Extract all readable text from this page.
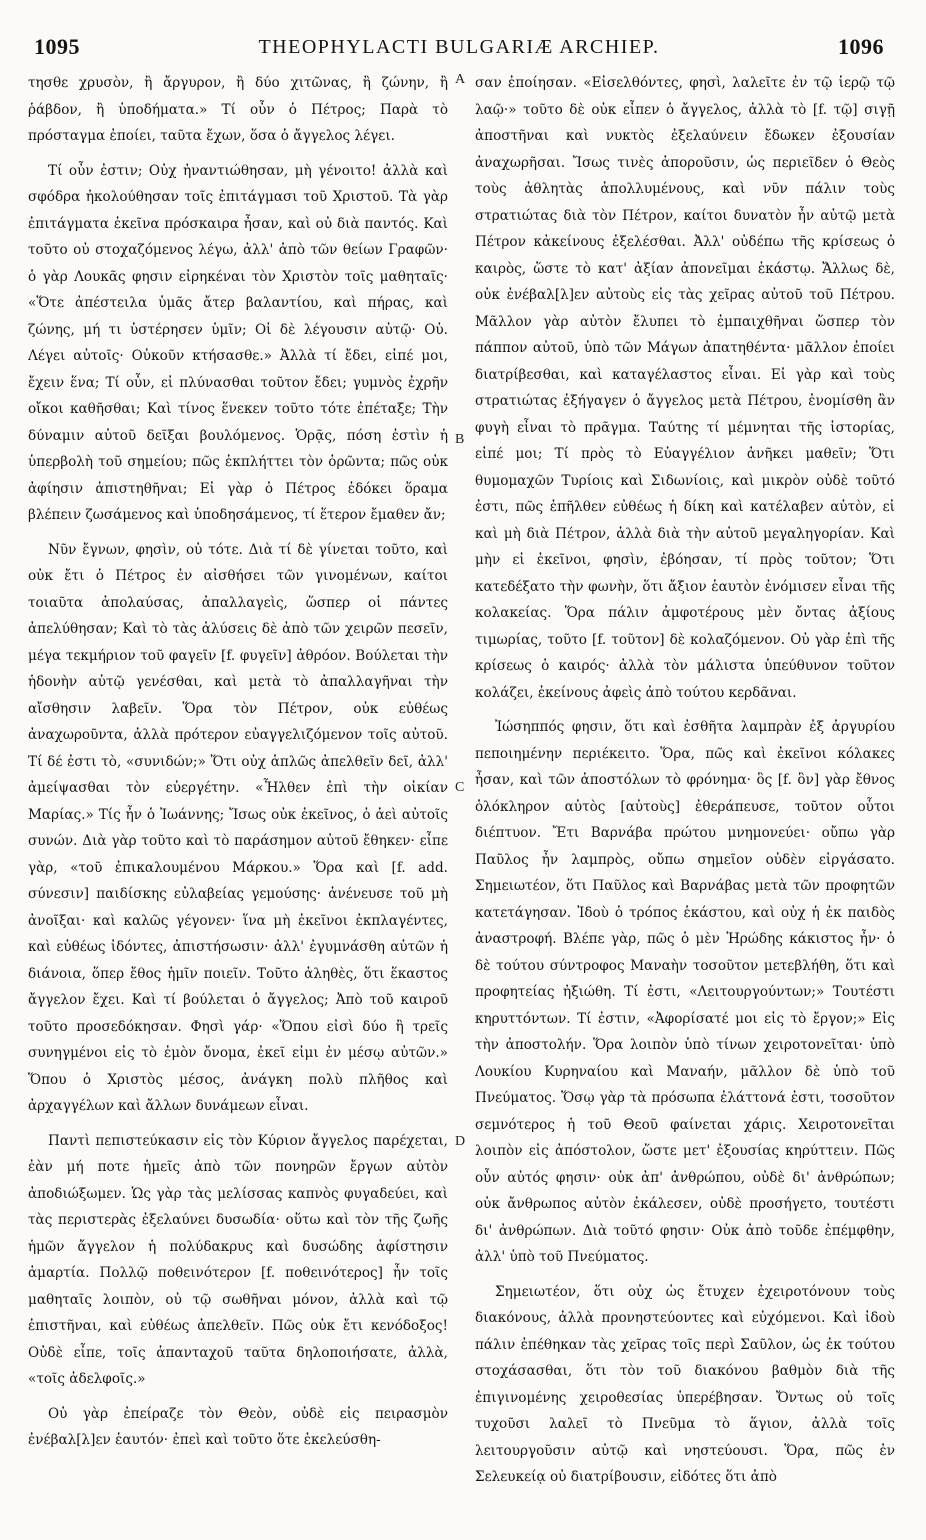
1095	THEOPHYLACTI BULGARIÆ ARCHIEP.	1096

τησθε χρυσὸν, ἢ ἄργυρον, ἢ δύο χιτῶνας, ἢ ζώνην, ἢ ῥάβδον, ἢ ὑποδήματα.» Τί οὖν ὁ Πέτρος; Παρὰ τὸ πρόσταγμα ἐποίει, ταῦτα ἔχων, ὅσα ὁ ἄγγελος λέγει.

Τί οὖν ἐστιν; Οὐχ ἠναντιώθησαν, μὴ γένοιτο! ἀλλὰ καὶ σφόδρα ἠκολούθησαν τοῖς ἐπιτάγμασι τοῦ Χριστοῦ. Τὰ γὰρ ἐπιτάγματα ἐκεῖνα πρόσκαιρα ἦσαν, καὶ οὐ διὰ παντός. Καὶ τοῦτο οὐ στοχαζόμενος λέγω, ἀλλ' ἀπὸ τῶν θείων Γραφῶν· ὁ γὰρ Λουκᾶς φησιν εἰρηκέναι τὸν Χριστὸν τοῖς μαθηταῖς· «Ὅτε ἀπέστειλα ὑμᾶς ἄτερ βαλαντίου, καὶ πήρας, καὶ ζώνης, μή τι ὑστέρησεν ὑμῖν; Οἱ δὲ λέγουσιν αὐτῷ· Οὐ. Λέγει αὐτοῖς· Οὐκοῦν κτήσασθε.» Ἀλλὰ τί ἔδει, εἰπέ μοι, ἔχειν ἕνα; Τί οὖν, εἰ πλύνασθαι τοῦτον ἔδει; γυμνὸς ἐχρῆν οἴκοι καθῆσθαι; Καὶ τίνος ἕνεκεν τοῦτο τότε ἐπέταξε; Τὴν δύναμιν αὐτοῦ δεῖξαι βουλόμενος. Ὁρᾷς, πόση ἐστὶν ἡ ὑπερβολὴ τοῦ σημείου; πῶς ἐκπλήττει τὸν ὁρῶντα; πῶς οὐκ ἀφίησιν ἀπιστηθῆναι; Εἰ γὰρ ὁ Πέτρος ἐδόκει ὅραμα βλέπειν ζωσάμενος καὶ ὑποδησάμενος, τί ἕτερον ἔμαθεν ἄν;

Νῦν ἔγνων, φησὶν, οὐ τότε. Διὰ τί δὲ γίνεται τοῦτο, καὶ οὐκ ἔτι ὁ Πέτρος ἐν αἰσθήσει τῶν γινομένων, καίτοι τοιαῦτα ἀπολαύσας, ἀπαλλαγεὶς, ὥσπερ οἱ πάντες ἀπελύθησαν; Καὶ τὸ τὰς ἁλύσεις δὲ ἀπὸ τῶν χειρῶν πεσεῖν, μέγα τεκμήριον τοῦ φαγεῖν [f. φυγεῖν] ἀθρόον. Βούλεται τὴν ἡδονὴν αὐτῷ γενέσθαι, καὶ μετὰ τὸ ἀπαλλαγῆναι τὴν αἴσθησιν λαβεῖν. Ὅρα τὸν Πέτρον, οὐκ εὐθέως ἀναχωροῦντα, ἀλλὰ πρότερον εὐαγγελιζόμενον τοῖς αὐτοῦ. Τί δέ ἐστι τὸ, «συνιδών;» Ὅτι οὐχ ἁπλῶς ἀπελθεῖν δεῖ, ἀλλ' ἀμείψασθαι τὸν εὐεργέτην. «Ἦλθεν ἐπὶ τὴν οἰκίαν Μαρίας.» Τίς ἦν ὁ Ἰωάννης; Ἴσως οὐκ ἐκεῖνος, ὁ ἀεὶ αὐτοῖς συνών. Διὰ γὰρ τοῦτο καὶ τὸ παράσημον αὐτοῦ ἔθηκεν· εἶπε γὰρ, «τοῦ ἐπικαλουμένου Μάρκου.» Ὅρα καὶ [f. add. σύνεσιν] παιδίσκης εὐλαβείας γεμούσης· ἀνένευσε τοῦ μὴ ἀνοῖξαι· καὶ καλῶς γέγονεν· ἵνα μὴ ἐκεῖνοι ἐκπλαγέντες, καὶ εὐθέως ἰδόντες, ἀπιστήσωσιν· ἀλλ' ἐγυμνάσθη αὐτῶν ἡ διάνοια, ὅπερ ἔθος ἡμῖν ποιεῖν. Τοῦτο ἀληθὲς, ὅτι ἕκαστος ἄγγελον ἔχει. Καὶ τί βούλεται ὁ ἄγγελος; Ἀπὸ τοῦ καιροῦ τοῦτο προσεδόκησαν. Φησὶ γάρ· «Ὅπου εἰσὶ δύο ἢ τρεῖς συνηγμένοι εἰς τὸ ἐμὸν ὄνομα, ἐκεῖ εἰμι ἐν μέσῳ αὐτῶν.» Ὅπου ὁ Χριστὸς μέσος, ἀνάγκη πολὺ πλῆθος καὶ ἀρχαγγέλων καὶ ἄλλων δυνάμεων εἶναι.

Παντὶ πεπιστεύκασιν εἰς τὸν Κύριον ἄγγελος παρέχεται, ἐὰν μή ποτε ἡμεῖς ἀπὸ τῶν πονηρῶν ἔργων αὐτὸν ἀποδιώξωμεν. Ὡς γὰρ τὰς μελίσσας καπνὸς φυγαδεύει, καὶ τὰς περιστερὰς ἐξελαύνει δυσωδία· οὕτω καὶ τὸν τῆς ζωῆς ἡμῶν ἄγγελον ἡ πολύδακρυς καὶ δυσώδης ἀφίστησιν ἁμαρτία. Πολλῷ ποθεινότερον [f. ποθεινότερος] ἦν τοῖς μαθηταῖς λοιπὸν, οὐ τῷ σωθῆναι μόνον, ἀλλὰ καὶ τῷ ἐπιστῆναι, καὶ εὐθέως ἀπελθεῖν. Πῶς οὐκ ἔτι κενόδοξος! Οὐδὲ εἶπε, τοῖς ἁπανταχοῦ ταῦτα δηλοποιήσατε, ἀλλὰ, «τοῖς ἀδελφοῖς.»

Οὐ γὰρ ἐπείραζε τὸν Θεὸν, οὐδὲ εἰς πειρασμὸν ἐνέβαλ[λ]εν ἑαυτόν· ἐπεὶ καὶ τοῦτο ὅτε ἐκελεύσθη-

A
B
C
D

σαν ἐποίησαν. «Εἰσελθόντες, φησὶ, λαλεῖτε ἐν τῷ ἱερῷ τῷ λαῷ·» τοῦτο δὲ οὐκ εἶπεν ὁ ἄγγελος, ἀλλὰ τὸ [f. τῷ] σιγῇ ἀποστῆναι καὶ νυκτὸς ἐξελαύνειν ἔδωκεν ἐξουσίαν ἀναχωρῆσαι. Ἴσως τινὲς ἀποροῦσιν, ὡς περιεῖδεν ὁ Θεὸς τοὺς ἀθλητὰς ἀπολλυμένους, καὶ νῦν πάλιν τοὺς στρατιώτας διὰ τὸν Πέτρον, καίτοι δυνατὸν ἦν αὐτῷ μετὰ Πέτρον κἀκείνους ἐξελέσθαι. Ἀλλ' οὐδέπω τῆς κρίσεως ὁ καιρὸς, ὥστε τὸ κατ' ἀξίαν ἀπονεῖμαι ἑκάστῳ. Ἄλλως δὲ, οὐκ ἐνέβαλ[λ]εν αὐτοὺς εἰς τὰς χεῖρας αὐτοῦ τοῦ Πέτρου. Μᾶλλον γὰρ αὐτὸν ἔλυπει τὸ ἐμπαιχθῆναι ὥσπερ τὸν πάππον αὐτοῦ, ὑπὸ τῶν Μάγων ἀπατηθέντα· μᾶλλον ἐποίει διατρίβεσθαι, καὶ καταγέλαστος εἶναι. Εἰ γὰρ καὶ τοὺς στρατιώτας ἐξήγαγεν ὁ ἄγγελος μετὰ Πέτρου, ἐνομίσθη ἂν φυγὴ εἶναι τὸ πρᾶγμα. Ταύτης τί μέμνηται τῆς ἱστορίας, εἰπέ μοι; Τί πρὸς τὸ Εὐαγγέλιον ἀνῆκει μαθεῖν; Ὅτι θυμομαχῶν Τυρίοις καὶ Σιδωνίοις, καὶ μικρὸν οὐδὲ τοῦτό ἐστι, πῶς ἐπῆλθεν εὐθέως ἡ δίκη καὶ κατέλαβεν αὐτὸν, εἰ καὶ μὴ διὰ Πέτρον, ἀλλὰ διὰ τὴν αὐτοῦ μεγαληγορίαν. Καὶ μὴν εἰ ἐκεῖνοι, φησὶν, ἐβόησαν, τί πρὸς τοῦτον; Ὅτι κατεδέξατο τὴν φωνὴν, ὅτι ἄξιον ἑαυτὸν ἐνόμισεν εἶναι τῆς κολακείας. Ὅρα πάλιν ἀμφοτέρους μὲν ὄντας ἀξίους τιμωρίας, τοῦτο [f. τοῦτον] δὲ κολαζόμενον. Οὐ γὰρ ἐπὶ τῆς κρίσεως ὁ καιρός· ἀλλὰ τὸν μάλιστα ὑπεύθυνον τοῦτον κολάζει, ἐκείνους ἀφεὶς ἀπὸ τούτου κερδᾶναι.

Ἰώσηππός φησιν, ὅτι καὶ ἐσθῆτα λαμπρὰν ἐξ ἀργυρίου πεποιημένην περιέκειτο. Ὅρα, πῶς καὶ ἐκεῖνοι κόλακες ἦσαν, καὶ τῶν ἀποστόλων τὸ φρόνημα· ὃς [f. ὃν] γὰρ ἔθνος ὁλόκληρον αὐτὸς [αὐτοὺς] ἐθεράπευσε, τοῦτον οὗτοι διέπτυον. Ἔτι Βαρνάβα πρώτου μνημονεύει· οὔπω γὰρ Παῦλος ἦν λαμπρὸς, οὔπω σημεῖον οὐδὲν εἰργάσατο. Σημειωτέον, ὅτι Παῦλος καὶ Βαρνάβας μετὰ τῶν προφητῶν κατετάγησαν. Ἰδοὺ ὁ τρόπος ἑκάστου, καὶ οὐχ ἡ ἐκ παιδὸς ἀναστροφή. Βλέπε γὰρ, πῶς ὁ μὲν Ἡρώδης κάκιστος ἦν· ὁ δὲ τούτου σύντροφος Μαναὴν τοσοῦτον μετεβλήθη, ὅτι καὶ προφητείας ἠξιώθη. Τί ἐστι, «Λειτουργούντων;» Τουτέστι κηρυττόντων. Τί ἐστιν, «Ἀφορίσατέ μοι εἰς τὸ ἔργον;» Εἰς τὴν ἀποστολήν. Ὅρα λοιπὸν ὑπὸ τίνων χειροτονεῖται· ὑπὸ Λουκίου Κυρηναίου καὶ Μαναήν, μᾶλλον δὲ ὑπὸ τοῦ Πνεύματος. Ὅσῳ γὰρ τὰ πρόσωπα ἐλάττονά ἐστι, τοσοῦτον σεμνότερος ἡ τοῦ Θεοῦ φαίνεται χάρις. Χειροτονεῖται λοιπὸν εἰς ἀπόστολον, ὥστε μετ' ἐξουσίας κηρύττειν. Πῶς οὖν αὐτός φησιν· οὐκ ἀπ' ἀνθρώπου, οὐδὲ δι' ἀνθρώπων; οὐκ ἄνθρωπος αὐτὸν ἐκάλεσεν, οὐδὲ προσήγετο, τουτέστι δι' ἀνθρώπων. Διὰ τοῦτό φησιν· Οὐκ ἀπὸ τοῦδε ἐπέμφθην, ἀλλ' ὑπὸ τοῦ Πνεύματος.

Σημειωτέον, ὅτι οὐχ ὡς ἔτυχεν ἐχειροτόνουν τοὺς διακόνους, ἀλλὰ προνηστεύοντες καὶ εὐχόμενοι. Καὶ ἰδοὺ πάλιν ἐπέθηκαν τὰς χεῖρας τοῖς περὶ Σαῦλον, ὡς ἐκ τούτου στοχάσασθαι, ὅτι τὸν τοῦ διακόνου βαθμὸν διὰ τῆς ἐπιγινομένης χειροθεσίας ὑπερέβησαν. Ὄντως οὐ τοῖς τυχοῦσι λαλεῖ τὸ Πνεῦμα τὸ ἅγιον, ἀλλὰ τοῖς λειτουργοῦσιν αὐτῷ καὶ νηστεύουσι. Ὅρα, πῶς ἐν Σελευκείᾳ οὐ διατρίβουσιν, εἰδότες ὅτι ἀπὸ
